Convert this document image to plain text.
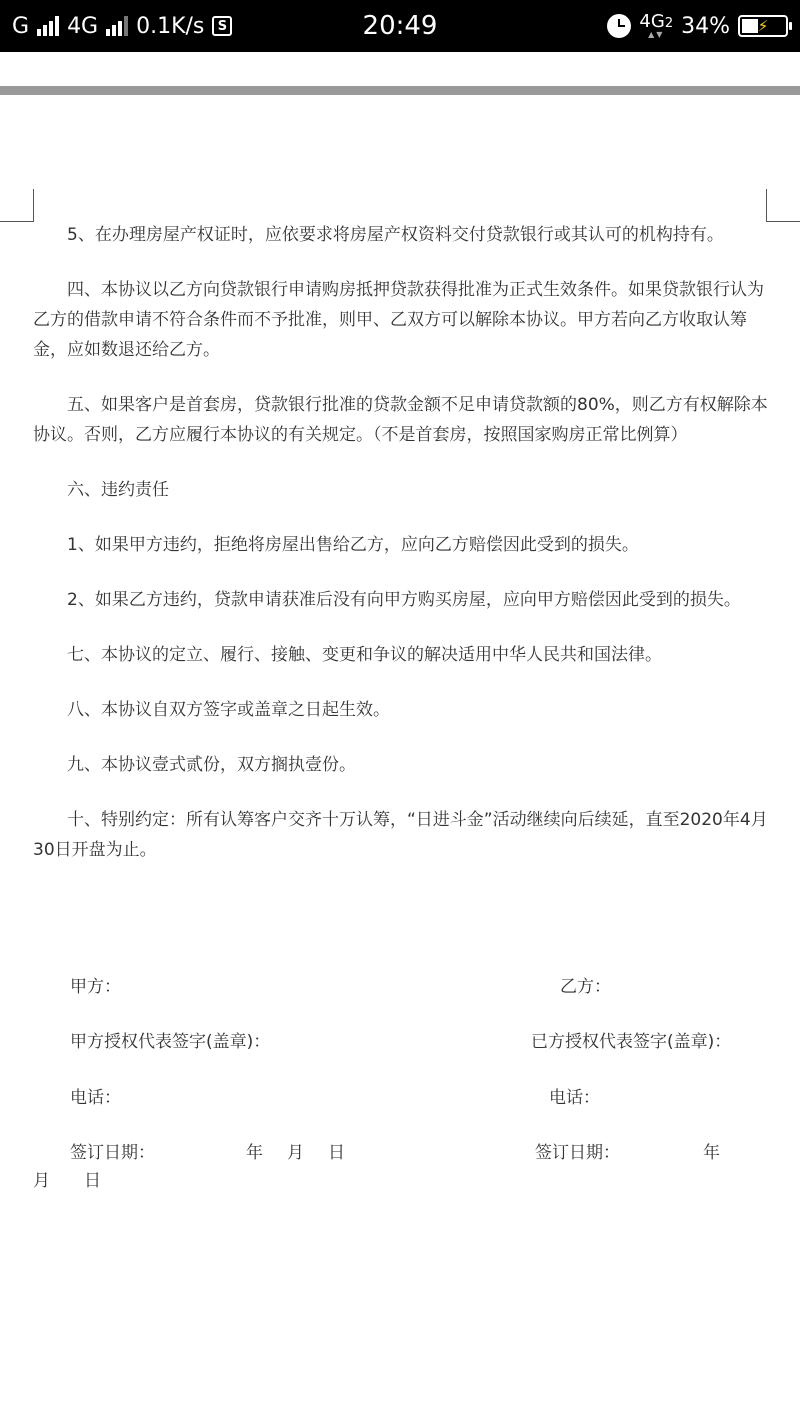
G 4G 0.1K/s	S	20:49	4G2
▲▼ 34% ⚡

5、在办理房屋产权证时，应依要求将房屋产权资料交付贷款银行或其认可的机构持有。

四、本协议以乙方向贷款银行申请购房抵押贷款获得批准为正式生效条件。如果贷款银行认为乙方的借款申请不符合条件而不予批准，则甲、乙双方可以解除本协议。甲方若向乙方收取认筹金，应如数退还给乙方。

五、如果客户是首套房，贷款银行批准的贷款金额不足申请贷款额的80%，则乙方有权解除本协议。否则，乙方应履行本协议的有关规定。（不是首套房，按照国家购房正常比例算）

六、违约责任

1、如果甲方违约，拒绝将房屋出售给乙方，应向乙方赔偿因此受到的损失。

2、如果乙方违约，贷款申请获准后没有向甲方购买房屋，应向甲方赔偿因此受到的损失。

七、本协议的定立、履行、接触、变更和争议的解决适用中华人民共和国法律。

八、本协议自双方签字或盖章之日起生效。

九、本协议壹式贰份，双方搁执壹份。

十、特别约定：所有认筹客户交齐十万认筹，“日进斗金”活动继续向后续延，直至2020年4月30日开盘为止。

甲方：	乙方：
甲方授权代表签字(盖章)：	已方授权代表签字(盖章)：
电话：	电话：
签订日期：	年 月 日	签订日期：	年
月 日
